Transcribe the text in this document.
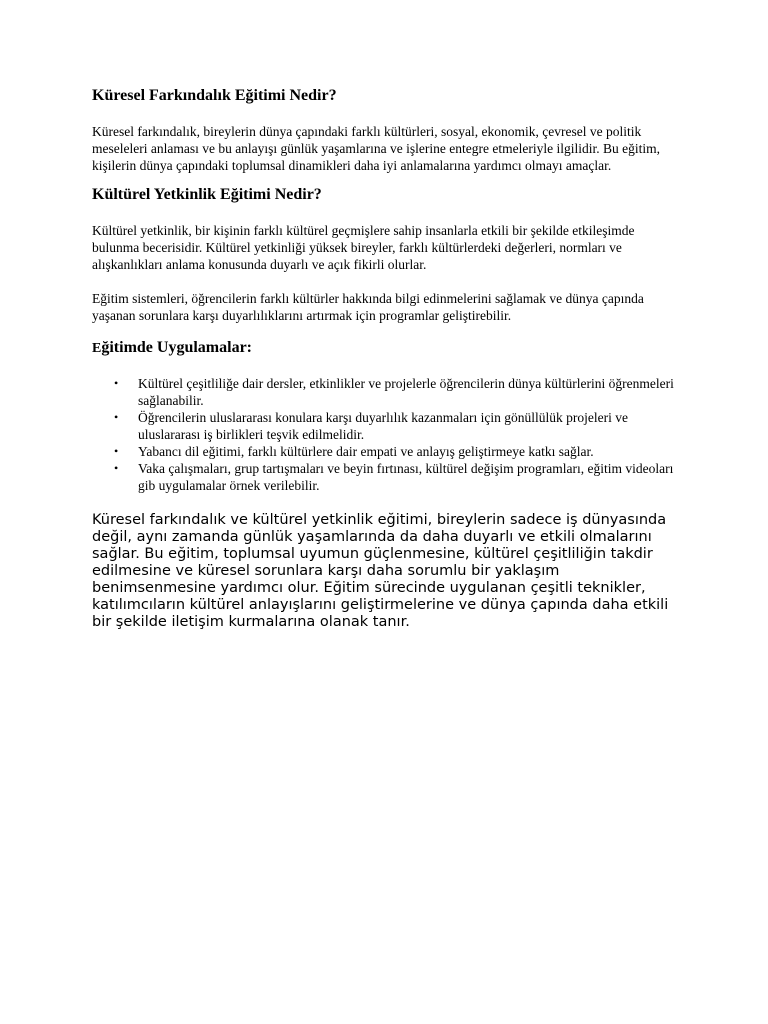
Küresel Farkındalık Eğitimi Nedir?

Küresel farkındalık, bireylerin dünya çapındaki farklı kültürleri, sosyal, ekonomik, çevresel ve politik meseleleri anlaması ve bu anlayışı günlük yaşamlarına ve işlerine entegre etmeleriyle ilgilidir. Bu eğitim, kişilerin dünya çapındaki toplumsal dinamikleri daha iyi anlamalarına yardımcı olmayı amaçlar.

Kültürel Yetkinlik Eğitimi Nedir?

Kültürel yetkinlik, bir kişinin farklı kültürel geçmişlere sahip insanlarla etkili bir şekilde etkileşimde bulunma becerisidir. Kültürel yetkinliği yüksek bireyler, farklı kültürlerdeki değerleri, normları ve alışkanlıkları anlama konusunda duyarlı ve açık fikirli olurlar.

Eğitim sistemleri, öğrencilerin farklı kültürler hakkında bilgi edinmelerini sağlamak ve dünya çapında yaşanan sorunlara karşı duyarlılıklarını artırmak için programlar geliştirebilir.

Eğitimde Uygulamalar:
• Kültürel çeşitliliğe dair dersler, etkinlikler ve projelerle öğrencilerin dünya kültürlerini öğrenmeleri sağlanabilir.
• Öğrencilerin uluslararası konulara karşı duyarlılık kazanmaları için gönüllülük projeleri ve uluslararası iş birlikleri teşvik edilmelidir.
• Yabancı dil eğitimi, farklı kültürlere dair empati ve anlayış geliştirmeye katkı sağlar.
• Vaka çalışmaları, grup tartışmaları ve beyin fırtınası, kültürel değişim programları, eğitim videoları gib uygulamalar örnek verilebilir.

Küresel farkındalık ve kültürel yetkinlik eğitimi, bireylerin sadece iş dünyasında değil, aynı zamanda günlük yaşamlarında da daha duyarlı ve etkili olmalarını sağlar. Bu eğitim, toplumsal uyumun güçlenmesine, kültürel çeşitliliğin takdir edilmesine ve küresel sorunlara karşı daha sorumlu bir yaklaşım benimsenmesine yardımcı olur. Eğitim sürecinde uygulanan çeşitli teknikler, katılımcıların kültürel anlayışlarını geliştirmelerine ve dünya çapında daha etkili bir şekilde iletişim kurmalarına olanak tanır.
